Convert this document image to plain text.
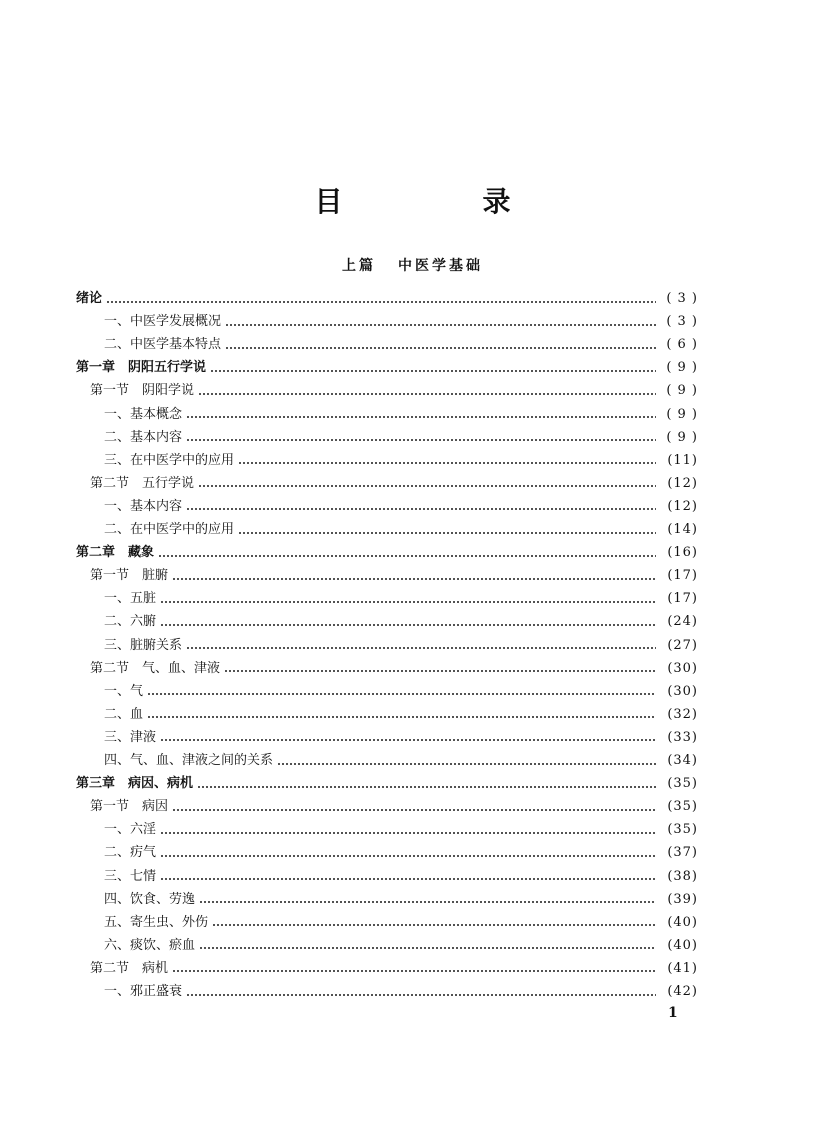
目　录
上篇 中医学基础
绪论	( 3 )
一、中医学发展概况	( 3 )
二、中医学基本特点	( 6 )
第一章　阴阳五行学说	( 9 )
第一节　阴阳学说	( 9 )
一、基本概念	( 9 )
二、基本内容	( 9 )
三、在中医学中的应用	(11)
第二节　五行学说	(12)
一、基本内容	(12)
二、在中医学中的应用	(14)
第二章　藏象	(16)
第一节　脏腑	(17)
一、五脏	(17)
二、六腑	(24)
三、脏腑关系	(27)
第二节　气、血、津液	(30)
一、气	(30)
二、血	(32)
三、津液	(33)
四、气、血、津液之间的关系	(34)
第三章　病因、病机	(35)
第一节　病因	(35)
一、六淫	(35)
二、疠气	(37)
三、七情	(38)
四、饮食、劳逸	(39)
五、寄生虫、外伤	(40)
六、痰饮、瘀血	(40)
第二节　病机	(41)
一、邪正盛衰	(42)
1
